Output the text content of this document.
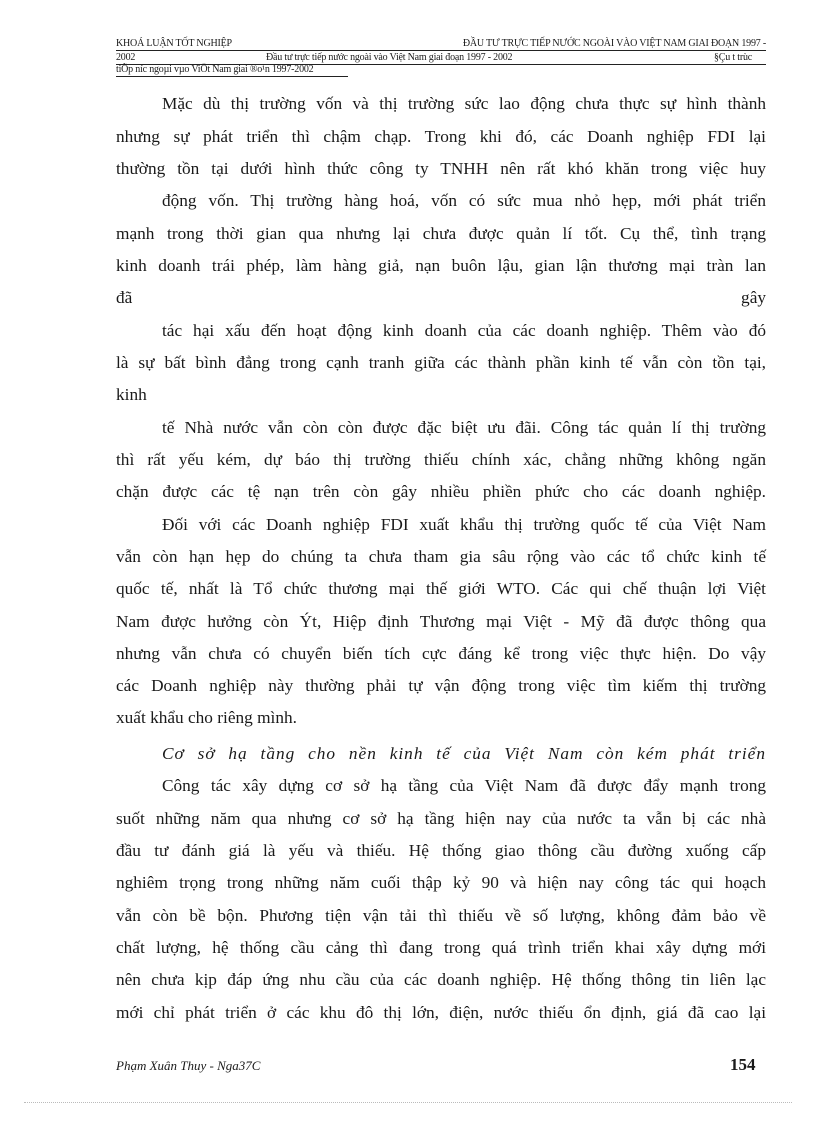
KHOÁ LUẬN TỐT NGHIỆP	ĐẦU TƯ TRỰC TIẾP NƯỚC NGOÀI VÀO VIỆT NAM GIAI ĐOẠN 1997 -
2002	Đầu tư trực tiếp nước ngoài vào Việt Nam giai đoạn 1997 - 2002	§Çu t trùc
tiÕp níc ngoµi vµo ViÖt Nam giai ®o¹n 1997-2002
Mặc dù thị trường vốn và thị trường sức lao động chưa thực sự hình thành
nhưng sự phát triển thì chậm chạp. Trong khi đó, các Doanh nghiệp FDI lại
thường tồn tại dưới hình thức công ty TNHH nên rất khó khăn trong việc huy
động vốn. Thị trường hàng hoá, vốn có sức mua nhỏ hẹp, mới phát triển
mạnh trong thời gian qua nhưng lại chưa được quản lí tốt. Cụ thể, tình trạng
kinh doanh trái phép, làm hàng giả, nạn buôn lậu, gian lận thương mại tràn lan
đã	gây
tác hại xấu đến hoạt động kinh doanh của các doanh nghiệp. Thêm vào đó
là sự bất bình đẳng trong cạnh tranh giữa các thành phần kinh tế vẫn còn tồn tại,
kinh
tế Nhà nước vẫn còn còn được đặc biệt ưu đãi. Công tác quản lí thị trường
thì rất yếu kém, dự báo thị trường thiếu chính xác, chẳng những không ngăn
chặn được các tệ nạn trên còn gây nhiều phiền phức cho các doanh nghiệp.
Đối với các Doanh nghiệp FDI xuất khẩu thị trường quốc tế của Việt Nam
vẫn còn hạn hẹp do chúng ta chưa tham gia sâu rộng vào các tổ chức kinh tế
quốc tế, nhất là Tổ chức thương mại thế giới WTO. Các qui chế thuận lợi Việt
Nam được hưởng còn Ýt, Hiệp định Thương mại Việt - Mỹ đã được thông qua
nhưng vẫn chưa có chuyển biến tích cực đáng kể trong việc thực hiện. Do vậy
các Doanh nghiệp này thường phải tự vận động trong việc tìm kiếm thị trường
xuất khẩu cho riêng mình.
Cơ sở hạ tầng cho nền kinh tế của Việt Nam còn kém phát triển
Công tác xây dựng cơ sở hạ tầng của Việt Nam đã được đẩy mạnh trong
suốt những năm qua nhưng cơ sở hạ tầng hiện nay của nước ta vẫn bị các nhà
đầu tư đánh giá là yếu và thiếu. Hệ thống giao thông cầu đường xuống cấp
nghiêm trọng trong những năm cuối thập kỷ 90 và hiện nay công tác qui hoạch
vẫn còn bề bộn. Phương tiện vận tải thì thiếu về số lượng, không đảm bảo về
chất lượng, hệ thống cầu cảng thì đang trong quá trình triển khai xây dựng mới
nên chưa kịp đáp ứng nhu cầu của các doanh nghiệp. Hệ thống thông tin liên lạc
mới chỉ phát triển ở các khu đô thị lớn, điện, nước thiếu ổn định, giá đã cao lại
Phạm Xuân Thuy - Nga37C	154
